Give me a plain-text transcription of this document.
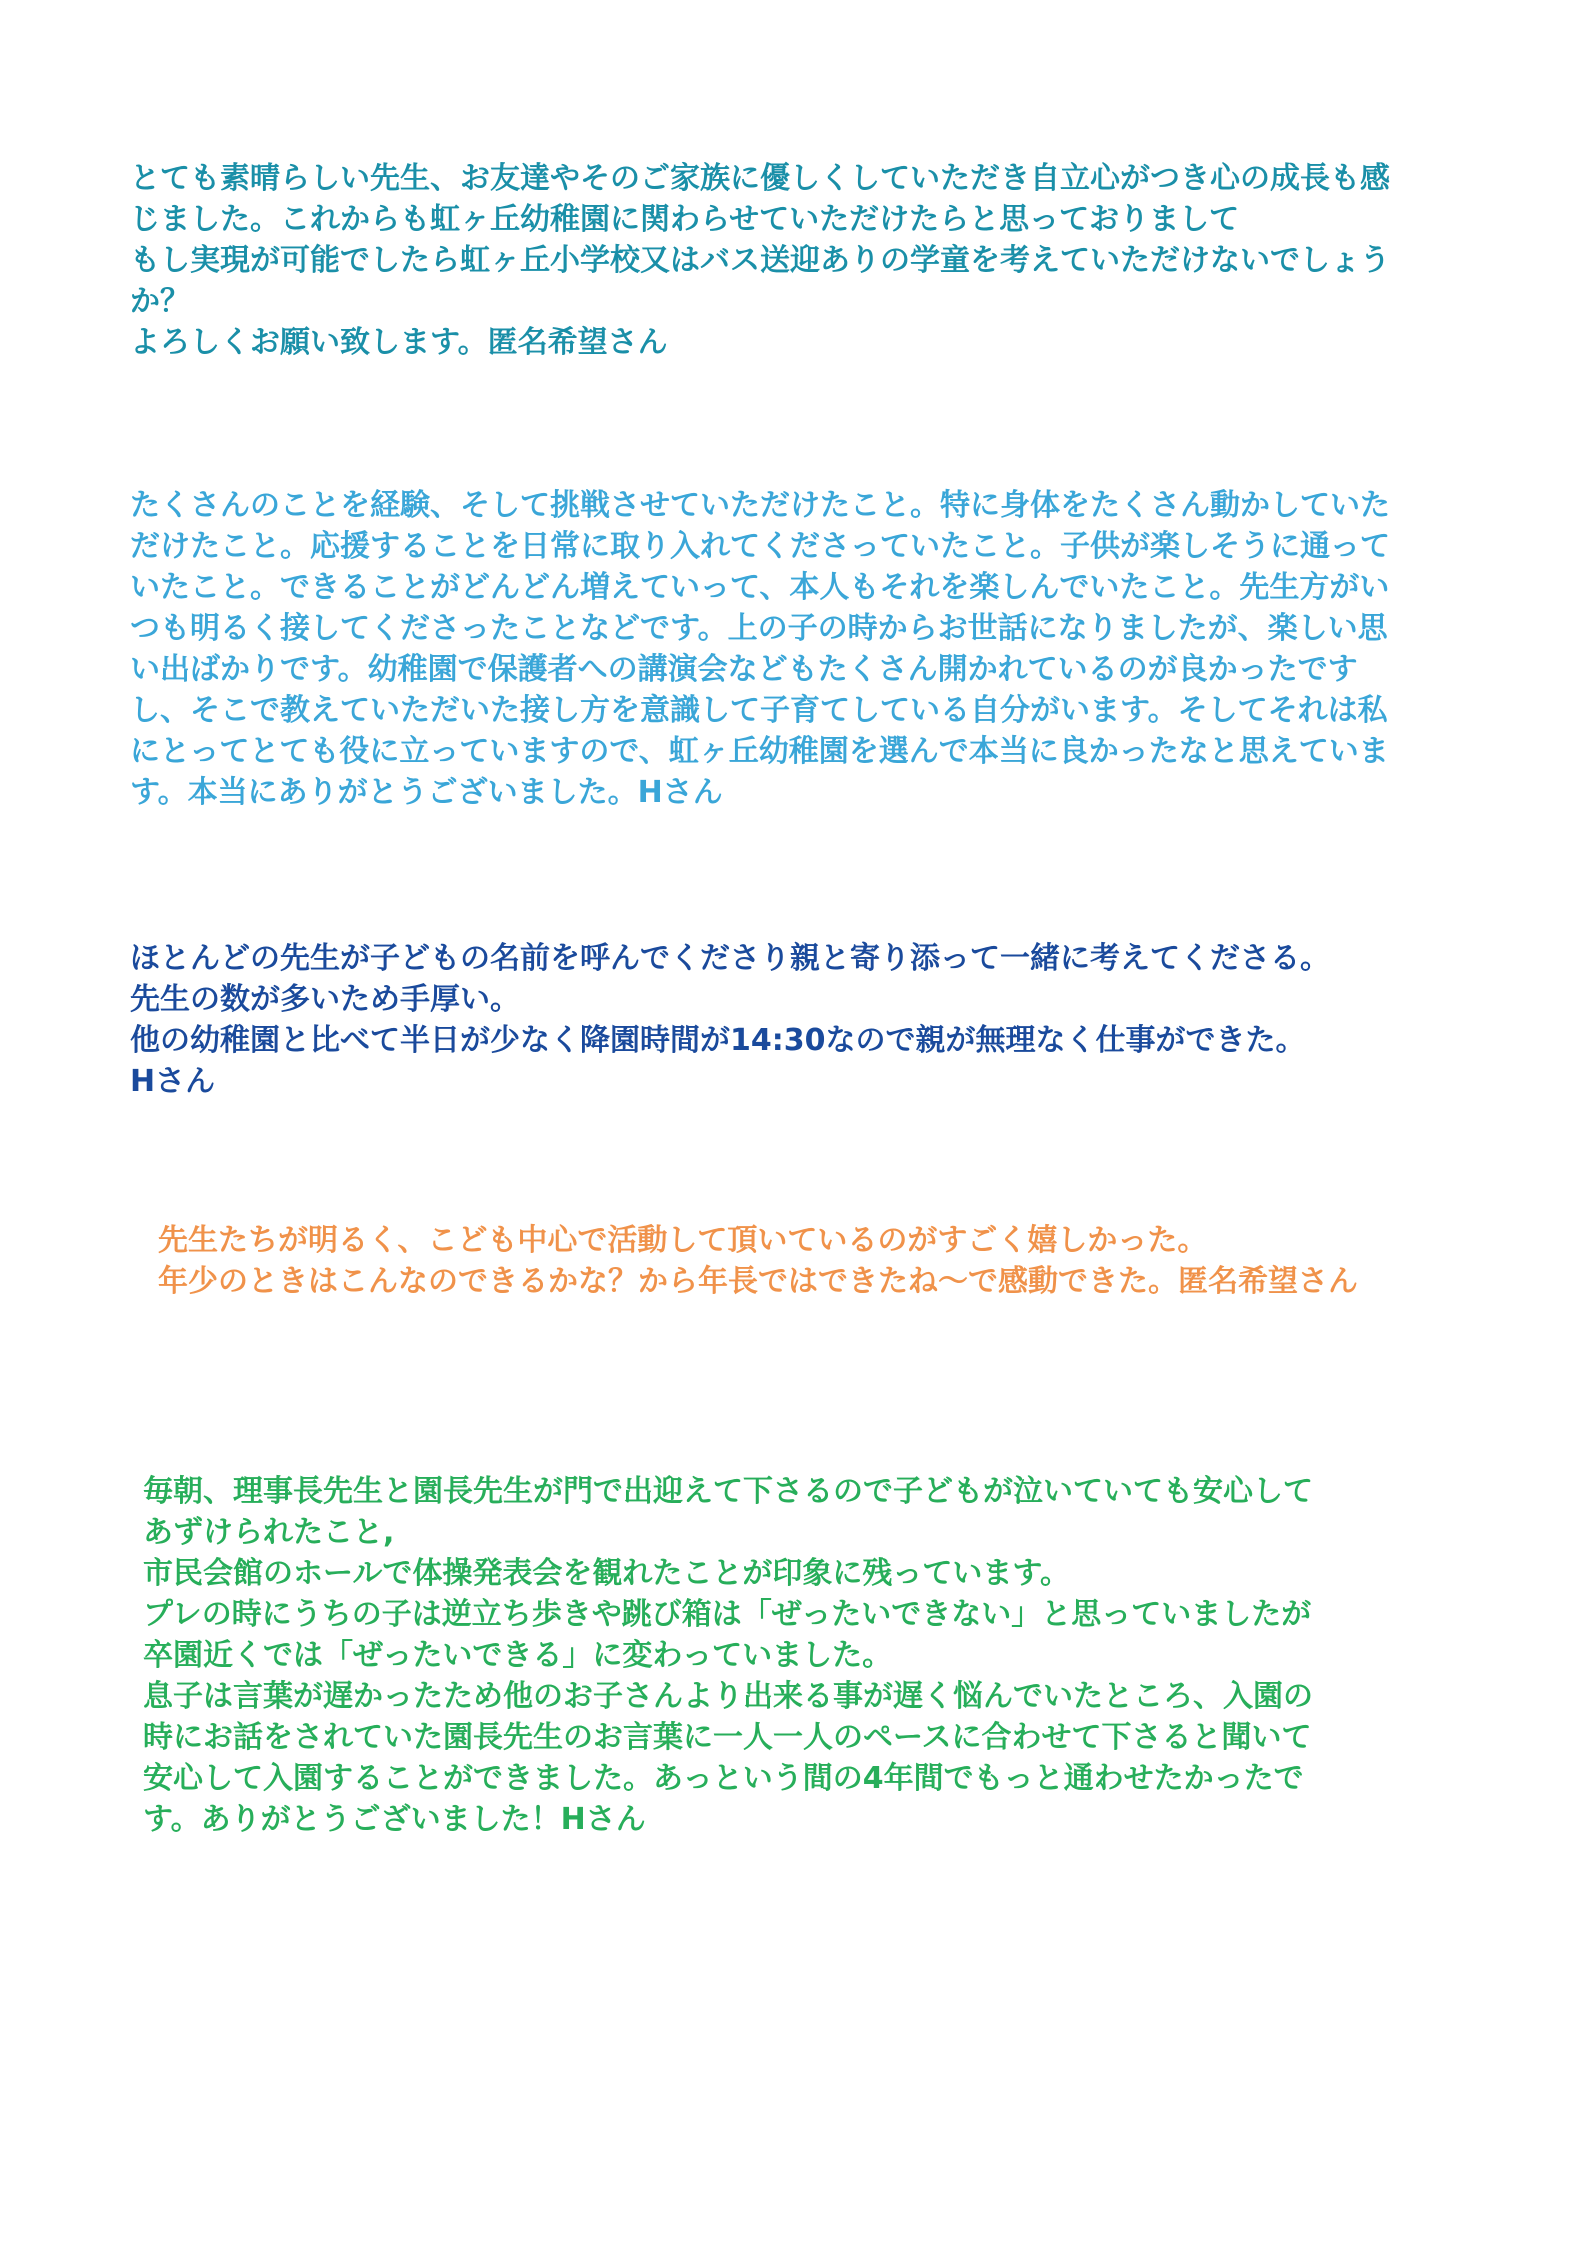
とても素晴らしい先生、お友達やそのご家族に優しくしていただき自立心がつき心の成長も感
じました。これからも虹ヶ丘幼稚園に関わらせていただけたらと思っておりまして
もし実現が可能でしたら虹ヶ丘小学校又はバス送迎ありの学童を考えていただけないでしょう
か？
よろしくお願い致します。匿名希望さん
たくさんのことを経験、そして挑戦させていただけたこと。特に身体をたくさん動かしていた
だけたこと。応援することを日常に取り入れてくださっていたこと。子供が楽しそうに通って
いたこと。できることがどんどん増えていって、本人もそれを楽しんでいたこと。先生方がい
つも明るく接してくださったことなどです。上の子の時からお世話になりましたが、楽しい思
い出ばかりです。幼稚園で保護者への講演会などもたくさん開かれているのが良かったです
し、そこで教えていただいた接し方を意識して子育てしている自分がいます。そしてそれは私
にとってとても役に立っていますので、虹ヶ丘幼稚園を選んで本当に良かったなと思えていま
す。本当にありがとうございました。Hさん
ほとんどの先生が子どもの名前を呼んでくださり親と寄り添って一緒に考えてくださる。
先生の数が多いため手厚い。
他の幼稚園と比べて半日が少なく降園時間が14:30なので親が無理なく仕事ができた。
Hさん
先生たちが明るく、こども中心で活動して頂いているのがすごく嬉しかった。
年少のときはこんなのできるかな？から年長ではできたね〜で感動できた。匿名希望さん
毎朝、理事長先生と園長先生が門で出迎えて下さるので子どもが泣いていても安心して
あずけられたこと,
市民会館のホールで体操発表会を観れたことが印象に残っています。
プレの時にうちの子は逆立ち歩きや跳び箱は「ぜったいできない」と思っていましたが
卒園近くでは「ぜったいできる」に変わっていました。
息子は言葉が遅かったため他のお子さんより出来る事が遅く悩んでいたところ、入園の
時にお話をされていた園長先生のお言葉に一人一人のペースに合わせて下さると聞いて
安心して入園することができました。あっという間の4年間でもっと通わせたかったで
す。ありがとうございました！Hさん
